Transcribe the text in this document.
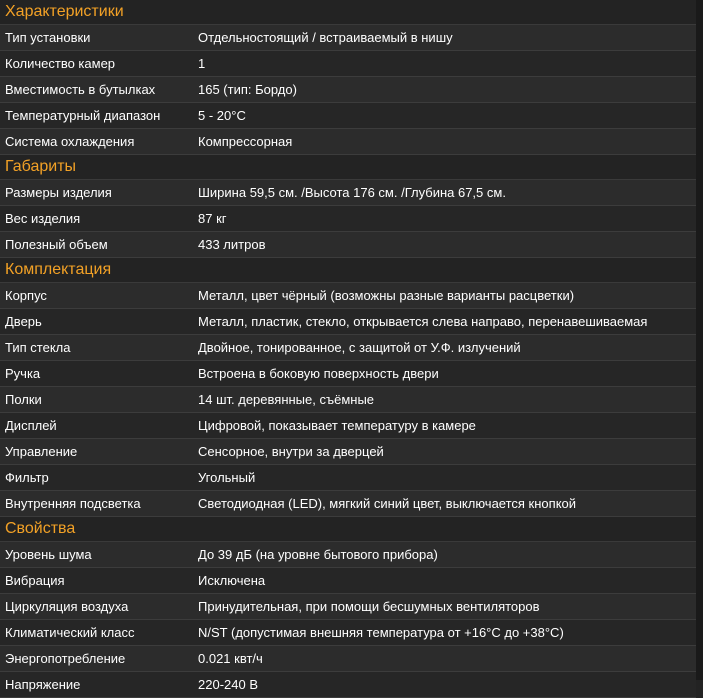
Характеристики
Тип установки	Отдельностоящий / встраиваемый в нишу
Количество камер	1
Вместимость в бутылках	165 (тип: Бордо)
Температурный диапазон	5 - 20°C
Система охлаждения	Компрессорная
Габариты
Размеры изделия	Ширина 59,5 см. /Высота 176 см. /Глубина 67,5 см.
Вес изделия	87 кг
Полезный объем	433 литров
Комплектация
Корпус	Металл, цвет чёрный (возможны разные варианты расцветки)
Дверь	Металл, пластик, стекло, открывается слева направо, перенавешиваемая
Тип стекла	Двойное, тонированное, с защитой от У.Ф. излучений
Ручка	Встроена в боковую поверхность двери
Полки	14 шт. деревянные, съёмные
Дисплей	Цифровой, показывает температуру в камере
Управление	Сенсорное, внутри за дверцей
Фильтр	Угольный
Внутренняя подсветка	Светодиодная (LED), мягкий синий цвет, выключается кнопкой
Свойства
Уровень шума	До 39 дБ (на уровне бытового прибора)
Вибрация	Исключена
Циркуляция воздуха	Принудительная, при помощи бесшумных вентиляторов
Климатический класс	N/ST (допустимая внешняя температура от +16°C до +38°C)
Энергопотребление	0.021 квт/ч
Напряжение	220-240 В
